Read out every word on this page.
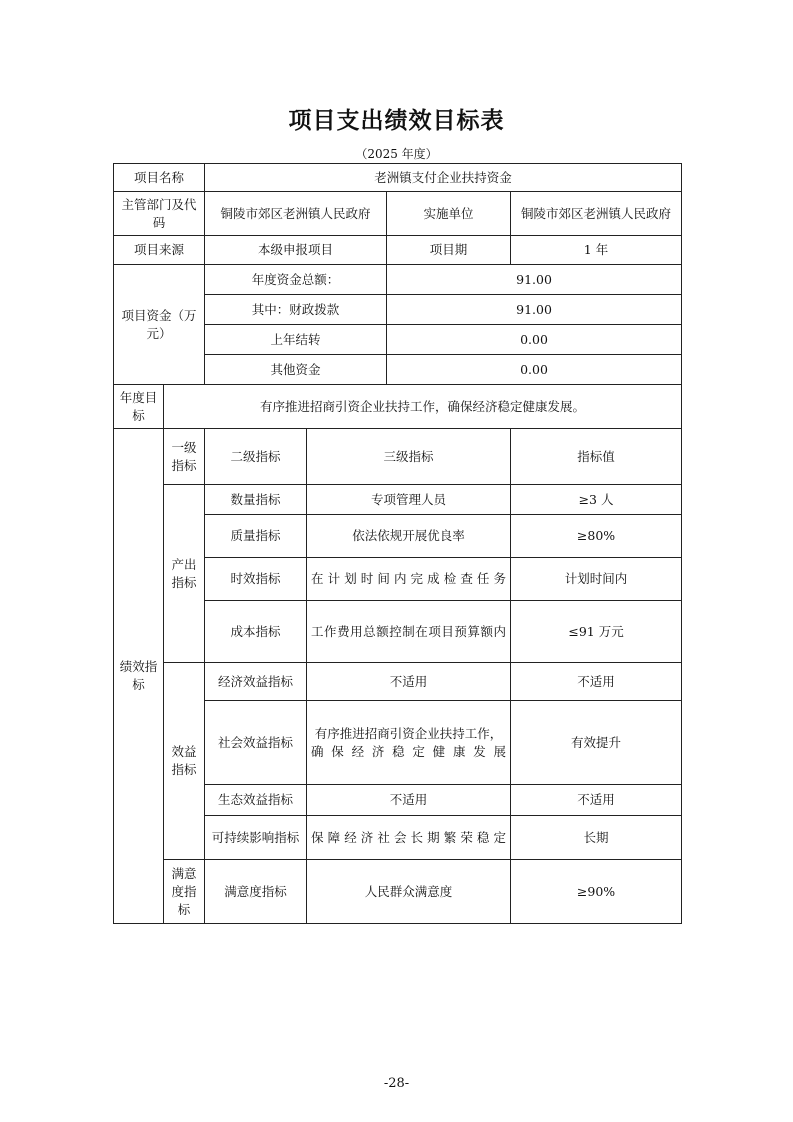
项目支出绩效目标表
（2025 年度）
项目名称		老洲镇支付企业扶持资金			
主管部门及代码		铜陵市郊区老洲镇人民政府		实施单位	铜陵市郊区老洲镇人民政府
项目来源		本级申报项目		项目期	1 年
项目资金（万元）		年度资金总额：		91.00	
		其中：财政拨款		91.00	
		上年结转		0.00	
		其他资金		0.00	
年度目标	有序推进招商引资企业扶持工作，确保经济稳定健康发展。				
绩效指标	一级指标	二级指标	三级指标		指标值
	产出指标	数量指标	专项管理人员		≥3 人
		质量指标	依法依规开展优良率		≥80%
		时效指标	在计划时间内完成检查任务		计划时间内
		成本指标	工作费用总额控制在项目预算额内		≤91 万元
	效益指标	经济效益指标	不适用		不适用
		社会效益指标	有序推进招商引资企业扶持工作，确保经济稳定健康发展		有效提升
		生态效益指标	不适用		不适用
		可持续影响指标	保障经济社会长期繁荣稳定		长期
	满意度指标	满意度指标	人民群众满意度		≥90%
-28-
